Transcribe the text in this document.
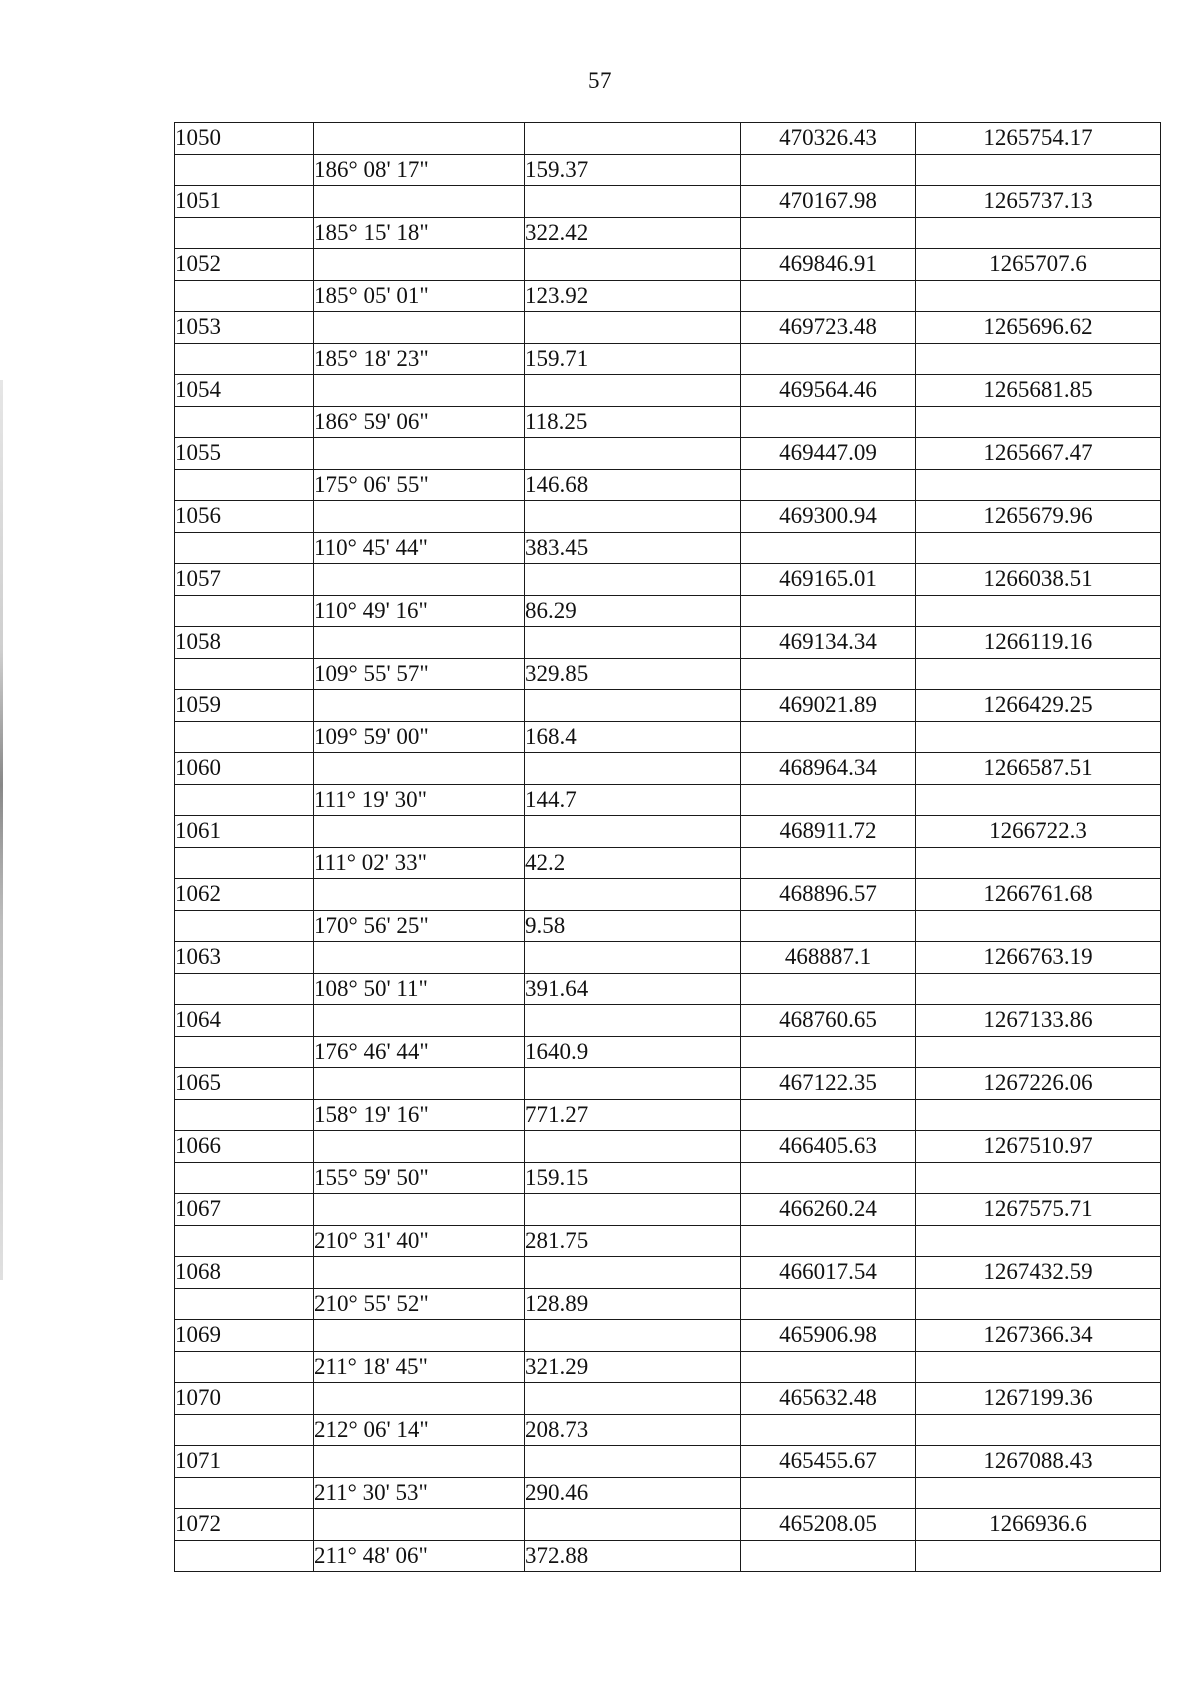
57
1050			470326.43	1265754.17
	186° 08' 17"	159.37		
1051			470167.98	1265737.13
	185° 15' 18"	322.42		
1052			469846.91	1265707.6
	185° 05' 01"	123.92		
1053			469723.48	1265696.62
	185° 18' 23"	159.71		
1054			469564.46	1265681.85
	186° 59' 06"	118.25		
1055			469447.09	1265667.47
	175° 06' 55"	146.68		
1056			469300.94	1265679.96
	110° 45' 44"	383.45		
1057			469165.01	1266038.51
	110° 49' 16"	86.29		
1058			469134.34	1266119.16
	109° 55' 57"	329.85		
1059			469021.89	1266429.25
	109° 59' 00"	168.4		
1060			468964.34	1266587.51
	111° 19' 30"	144.7		
1061			468911.72	1266722.3
	111° 02' 33"	42.2		
1062			468896.57	1266761.68
	170° 56' 25"	9.58		
1063			468887.1	1266763.19
	108° 50' 11"	391.64		
1064			468760.65	1267133.86
	176° 46' 44"	1640.9		
1065			467122.35	1267226.06
	158° 19' 16"	771.27		
1066			466405.63	1267510.97
	155° 59' 50"	159.15		
1067			466260.24	1267575.71
	210° 31' 40"	281.75		
1068			466017.54	1267432.59
	210° 55' 52"	128.89		
1069			465906.98	1267366.34
	211° 18' 45"	321.29		
1070			465632.48	1267199.36
	212° 06' 14"	208.73		
1071			465455.67	1267088.43
	211° 30' 53"	290.46		
1072			465208.05	1266936.6
	211° 48' 06"	372.88		
